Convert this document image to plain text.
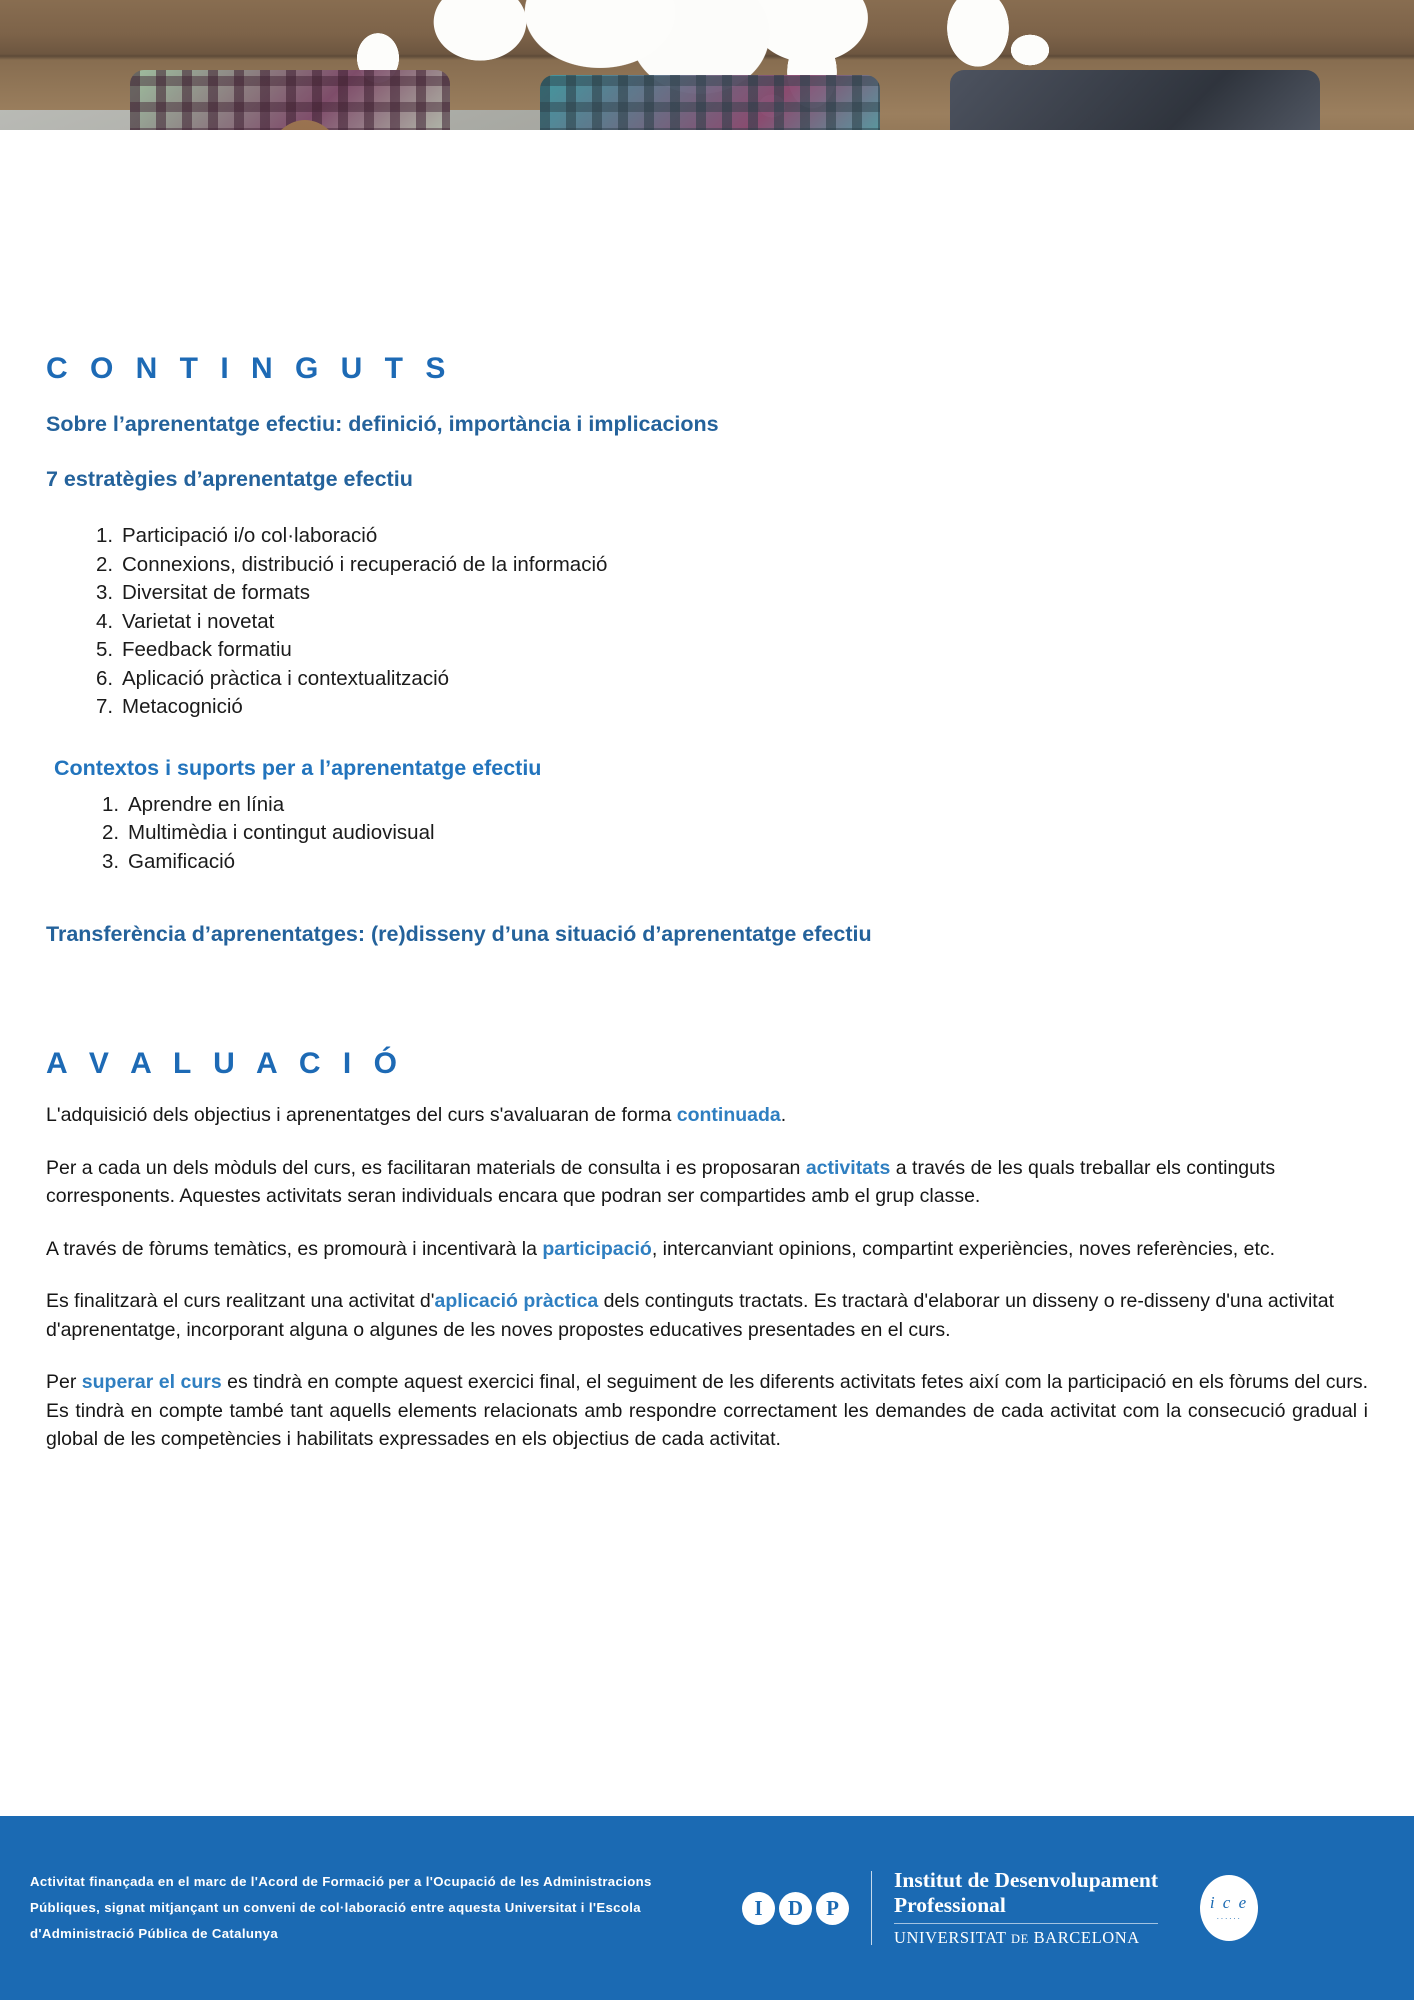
C O N T I N G U T S
Sobre l’aprenentatge efectiu: definició, importància i implicacions
7 estratègies d’aprenentatge efectiu
Participació i/o col·laboració
Connexions, distribució i recuperació de la informació
Diversitat de formats
Varietat i novetat
Feedback formatiu
Aplicació pràctica i contextualització
Metacognició
Contextos i suports per a l’aprenentatge efectiu
Aprendre en línia
Multimèdia i contingut audiovisual
Gamificació
Transferència d’aprenentatges: (re)disseny d’una situació d’aprenentatge efectiu
A V A L U A C I Ó

L'adquisició dels objectius i aprenentatges del curs s'avaluaran de forma continuada.

Per a cada un dels mòduls del curs, es facilitaran materials de consulta i es proposaran activitats a través de les quals treballar els continguts corresponents. Aquestes activitats seran individuals encara que podran ser compartides amb el grup classe.

A través de fòrums temàtics, es promourà i incentivarà la participació, intercanviant opinions, compartint experiències, noves referències, etc.

Es finalitzarà el curs realitzant una activitat d'aplicació pràctica dels continguts tractats. Es tractarà d'elaborar un disseny o re-disseny d'una activitat d'aprenentatge, incorporant alguna o algunes de les noves propostes educatives presentades en el curs.

Per superar el curs es tindrà en compte aquest exercici final, el seguiment de les diferents activitats fetes així com la participació en els fòrums del curs. Es tindrà en compte també tant aquells elements relacionats amb respondre correctament les demandes de cada activitat com la consecució gradual i global de les competències i habilitats expressades en els objectius de cada activitat.

Activitat finançada en el marc de l'Acord de Formació per a l'Ocupació de les Administracions Públiques, signat mitjançant un conveni de col·laboració entre aquesta Universitat i l'Escola d'Administració Pública de Catalunya
I	D	P
Institut de Desenvolupament
Professional
UNIVERSITAT DE BARCELONA
i c e
······
